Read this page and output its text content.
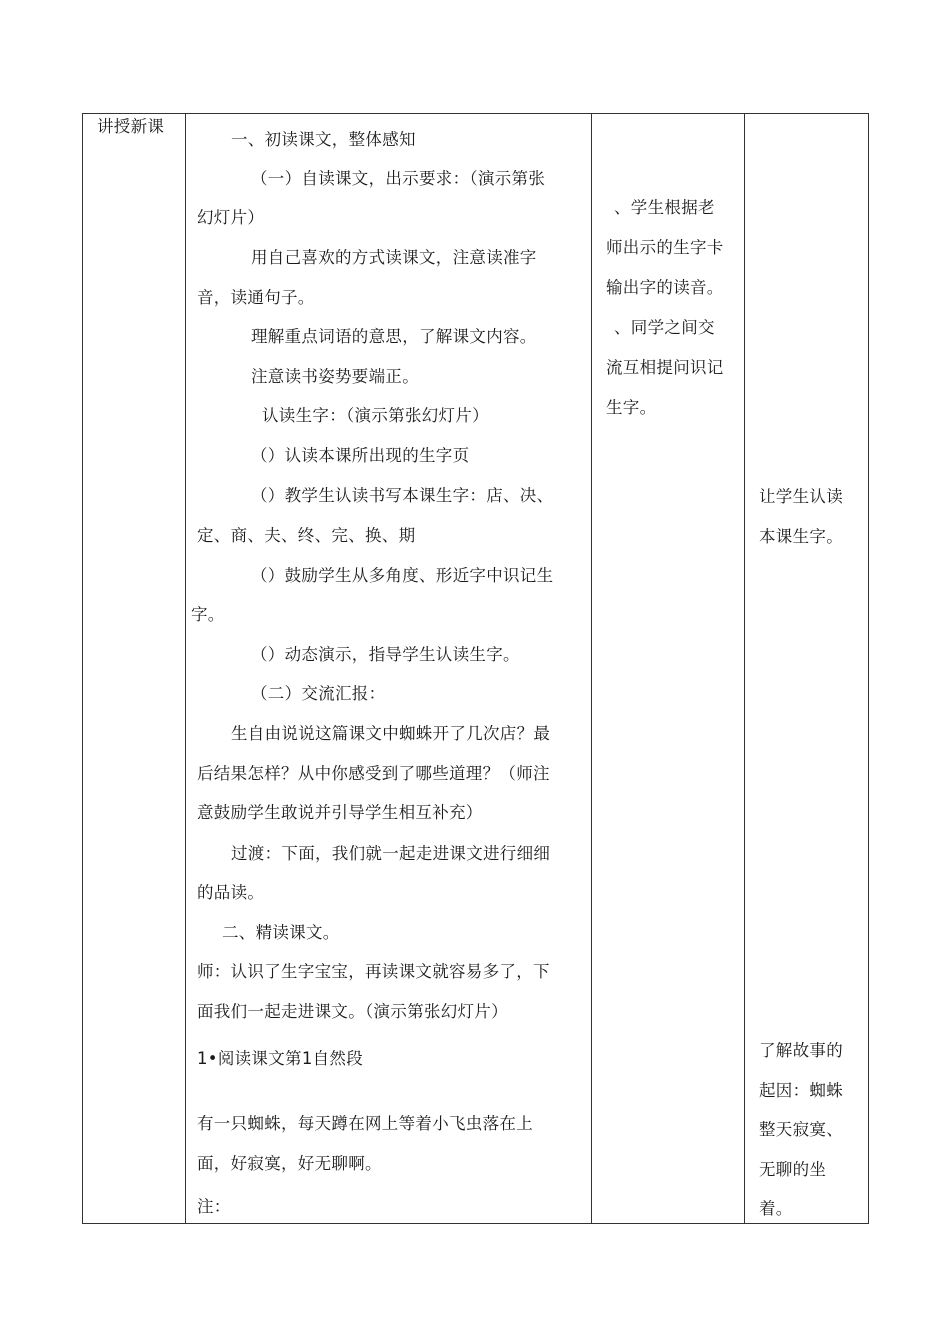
讲授新课
一、初读课文，整体感知
（一）自读课文，出示要求：（演示第张
幻灯片）
用自己喜欢的方式读课文，注意读准字
音，读通句子。
理解重点词语的意思，了解课文内容。
注意读书姿势要端正。
认读生字：（演示第张幻灯片）
（）认读本课所出现的生字页
（）教学生认读书写本课生字：店、决、
定、商、夫、终、完、换、期
（）鼓励学生从多角度、形近字中识记生
字。
（）动态演示，指导学生认读生字。
（二）交流汇报：
生自由说说这篇课文中蜘蛛开了几次店？最
后结果怎样？从中你感受到了哪些道理？（师注
意鼓励学生敢说并引导学生相互补充）
过渡：下面，我们就一起走进课文进行细细
的品读。
二、精读课文。
师：认识了生字宝宝，再读课文就容易多了，下
面我们一起走进课文。（演示第张幻灯片）
1•阅读课文第1自然段
有一只蜘蛛，每天蹲在网上等着小飞虫落在上
面，好寂寞，好无聊啊。
注：
、学生根据老
师出示的生字卡
输出字的读音。
、同学之间交
流互相提问识记
生字。
让学生认读
本课生字。
了解故事的
起因：蜘蛛
整天寂寞、
无聊的坐
着。
